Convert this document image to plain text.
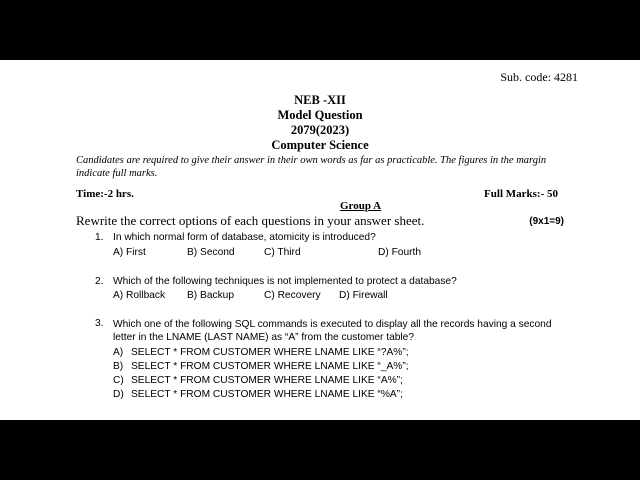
Sub. code: 4281
NEB -XII
Model Question
2079(2023)
Computer Science
Candidates are required to give their answer in their own words as far as practicable. The figures in the margin indicate full marks.
Time:-2 hrs.	Full Marks:- 50
Group A
Rewrite the correct options of each questions in your answer sheet.	(9x1=9)
1. In which normal form of database, atomicity is introduced?
A) First	B) Second	C) Third	D) Fourth
2. Which of the following techniques is not implemented to protect a database?
A) Rollback B) Backup	C) Recovery D) Firewall
3. Which one of the following SQL commands is executed to display all the records having a second letter in the LNAME (LAST NAME) as “A” from the customer table?
A) SELECT * FROM CUSTOMER WHERE LNAME LIKE “?A%”;
B) SELECT * FROM CUSTOMER WHERE LNAME LIKE “_A%”;
C) SELECT * FROM CUSTOMER WHERE LNAME LIKE “A%”;
D) SELECT * FROM CUSTOMER WHERE LNAME LIKE “%A”;
